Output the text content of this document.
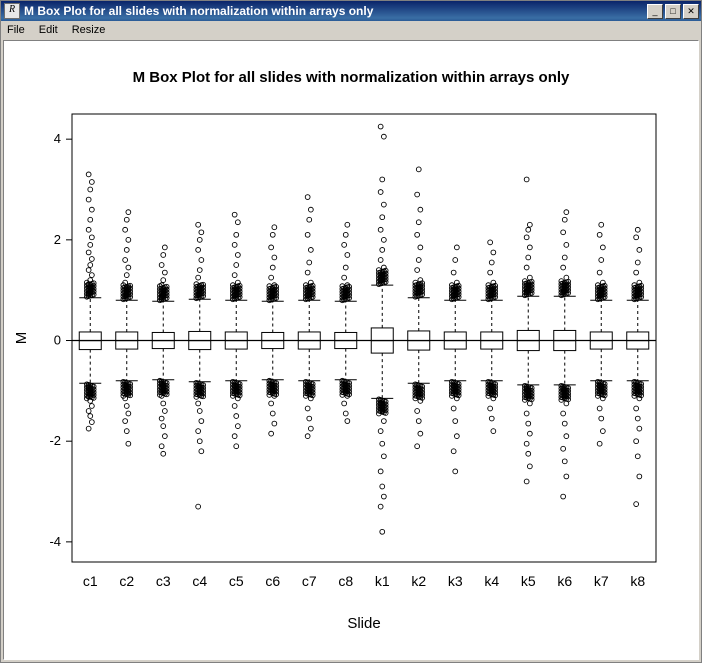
R M Box Plot for all slides with normalization within arrays only	_	□	✕
File Edit Resize
M Box Plot for all slides with normalization within arrays only
-4
-2
0
2
4
M
c1 c2 c3 c4 c5 c6 c7 c8 k1 k2 k3 k4 k5 k6 k7 k8
Slide
